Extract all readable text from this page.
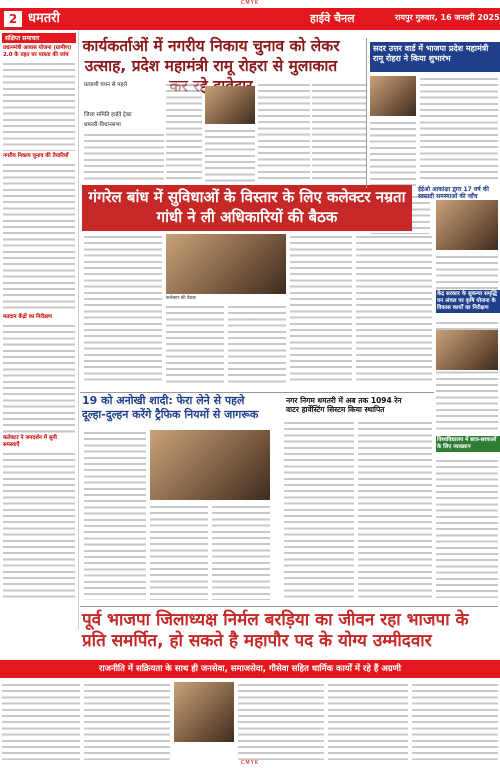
CMYK
2 धमतरी	हाईवे चैनल	रायपुर गुरुवार, 16 जनवरी 2025
संक्षिप्त समाचार
प्रधानमंत्री आवास योजना (ग्रामीण) 2.0 के तहत घर पात्रता की जांच
नगरीय निकाय चुनाव की तैयारियाँ
मतदान केंद्रों का निरीक्षण
कलेक्टर ने जनदर्शन में सुनी समस्याएँ
कार्यकर्ताओं में नगरीय निकाय चुनाव को लेकर उत्साह, प्रदेश महामंत्री रामू रोहरा से मुलाकात
प्रत्याशी चयन से पहले
जिला समिति हाईवे ट्रेक्ट
धमतरी-विधानसभा
सदर उत्तर वार्ड में भाजपा प्रदेश महामंत्री रामू रोहरा ने किया शुभारंभ
ईईओ आकांक्षा द्वारा 17 वर्ष की स्वसादी समस्याओं की जाँच
केंद्र सरकार के सुकन्या समृद्धि वन अंचल पर कृषि योजना के विकास कार्यों का निरीक्षण
विश्वविद्यालय में छात्र-छात्राओं के लिए व्याख्यान
गंगरेल बांध में सुविधाओं के विस्तार के लिए कलेक्टर नम्रता गांधी ने ली अधिकारियों की बैठक
कलेक्टर की बैठक
19 को अनोखी शादी: फेरा लेने से पहले दूल्हा-दुल्हन करेंगे ट्रैफिक नियमों से जागरूक
नगर निगम धमतरी में अब तक 1094 रेन वाटर हार्वेस्टिंग सिस्टम किया स्थापित
पूर्व भाजपा जिलाध्यक्ष निर्मल बरड़िया का जीवन रहा भाजपा के प्रति समर्पित, हो सकते है महापौर पद के योग्य उम्मीदवार
राजनीति में सक्रियता के साथ ही जनसेवा, समाजसेवा, गौसेवा सहित धार्मिक कार्यों में रहे हैं अग्रणी
CMYK
